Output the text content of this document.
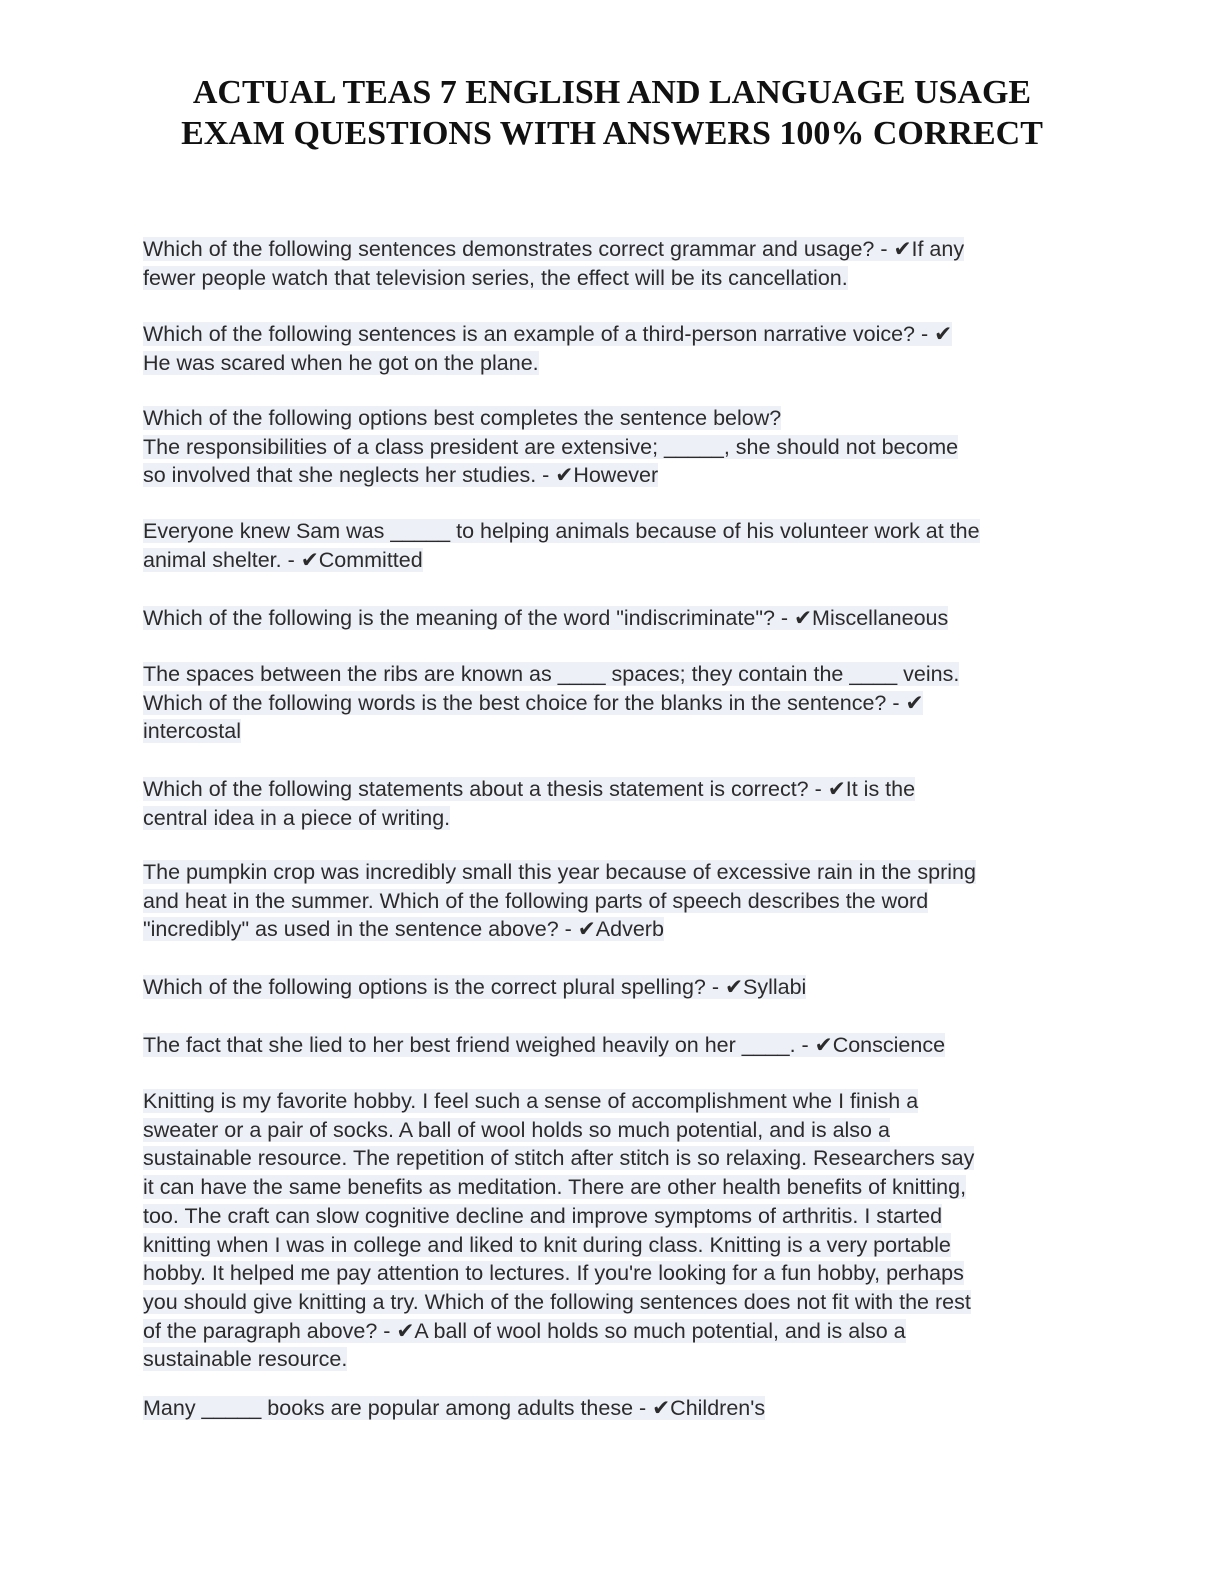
ACTUAL TEAS 7 ENGLISH AND LANGUAGE USAGE
EXAM QUESTIONS WITH ANSWERS 100% CORRECT
Which of the following sentences demonstrates correct grammar and usage? - ✔If any
fewer people watch that television series, the effect will be its cancellation.
Which of the following sentences is an example of a third-person narrative voice? - ✔
He was scared when he got on the plane.
Which of the following options best completes the sentence below?
The responsibilities of a class president are extensive; _____, she should not become
so involved that she neglects her studies. - ✔However
Everyone knew Sam was _____ to helping animals because of his volunteer work at the
animal shelter. - ✔Committed
Which of the following is the meaning of the word "indiscriminate"? - ✔Miscellaneous
The spaces between the ribs are known as ____ spaces; they contain the ____ veins.
Which of the following words is the best choice for the blanks in the sentence? - ✔
intercostal
Which of the following statements about a thesis statement is correct? - ✔It is the
central idea in a piece of writing.
The pumpkin crop was incredibly small this year because of excessive rain in the spring
and heat in the summer. Which of the following parts of speech describes the word
"incredibly" as used in the sentence above? - ✔Adverb
Which of the following options is the correct plural spelling? - ✔Syllabi
The fact that she lied to her best friend weighed heavily on her ____. - ✔Conscience
Knitting is my favorite hobby. I feel such a sense of accomplishment whe I finish a
sweater or a pair of socks. A ball of wool holds so much potential, and is also a
sustainable resource. The repetition of stitch after stitch is so relaxing. Researchers say
it can have the same benefits as meditation. There are other health benefits of knitting,
too. The craft can slow cognitive decline and improve symptoms of arthritis. I started
knitting when I was in college and liked to knit during class. Knitting is a very portable
hobby. It helped me pay attention to lectures. If you're looking for a fun hobby, perhaps
you should give knitting a try. Which of the following sentences does not fit with the rest
of the paragraph above? - ✔A ball of wool holds so much potential, and is also a
sustainable resource.
Many _____ books are popular among adults these - ✔Children's
